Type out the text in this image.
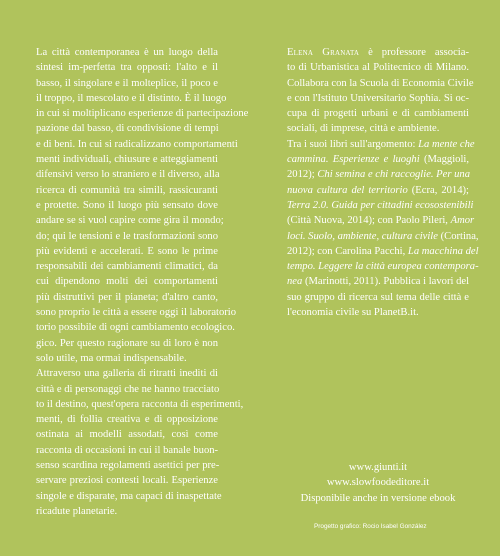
La città contemporanea è un luogo della
sintesi im-perfetta tra opposti: l'alto e il
basso, il singolare e il molteplice, il poco e
il troppo, il mescolato e il distinto. È il luogo
in cui si moltiplicano esperienze di partecipazione
pazione dal basso, di condivisione di tempi
e di beni. In cui si radicalizzano comportamenti
menti individuali, chiusure e atteggiamenti
difensivi verso lo straniero e il diverso, alla
ricerca di comunità tra simili, rassicuranti
e protette. Sono il luogo più sensato dove
andare se si vuol capire come gira il mondo;
do; qui le tensioni e le trasformazioni sono
più evidenti e accelerati. E sono le prime
responsabili dei cambiamenti climatici, da
cui dipendono molti dei comportamenti
più distruttivi per il pianeta; d'altro canto,
sono proprio le città a essere oggi il laboratorio
torio possibile di ogni cambiamento ecologico.
gico. Per questo ragionare su di loro è non
solo utile, ma ormai indispensabile.
Attraverso una galleria di ritratti inediti di
città e di personaggi che ne hanno tracciato
to il destino, quest'opera racconta di esperimenti,
menti, di follia creativa e di opposizione
ostinata ai modelli assodati, così come
racconta di occasioni in cui il banale buon-
senso scardina regolamenti asettici per pre-
servare preziosi contesti locali. Esperienze
singole e disparate, ma capaci di inaspettate
ricadute planetarie.
Elena Granata è professore associa-
to di Urbanistica al Politecnico di Milano.
Collabora con la Scuola di Economia Civile
e con l'Istituto Universitario Sophia. Si oc-
cupa di progetti urbani e di cambiamenti
sociali, di imprese, città e ambiente.
Tra i suoi libri sull'argomento: La mente che
cammina. Esperienze e luoghi (Maggioli,
2012); Chi semina e chi raccoglie. Per una
nuova cultura del territorio (Ecra, 2014);
Terra 2.0. Guida per cittadini ecosostenibili
(Città Nuova, 2014); con Paolo Pileri, Amor
loci. Suolo, ambiente, cultura civile (Cortina,
2012); con Carolina Pacchi, La macchina del
tempo. Leggere la città europea contempora-
nea (Marinotti, 2011). Pubblica i lavori del
suo gruppo di ricerca sul tema delle città e
l'economia civile su PlanetB.it.
www.giunti.it
www.slowfoodeditore.it
Disponibile anche in versione ebook
Progetto grafico: Rocio Isabel González
